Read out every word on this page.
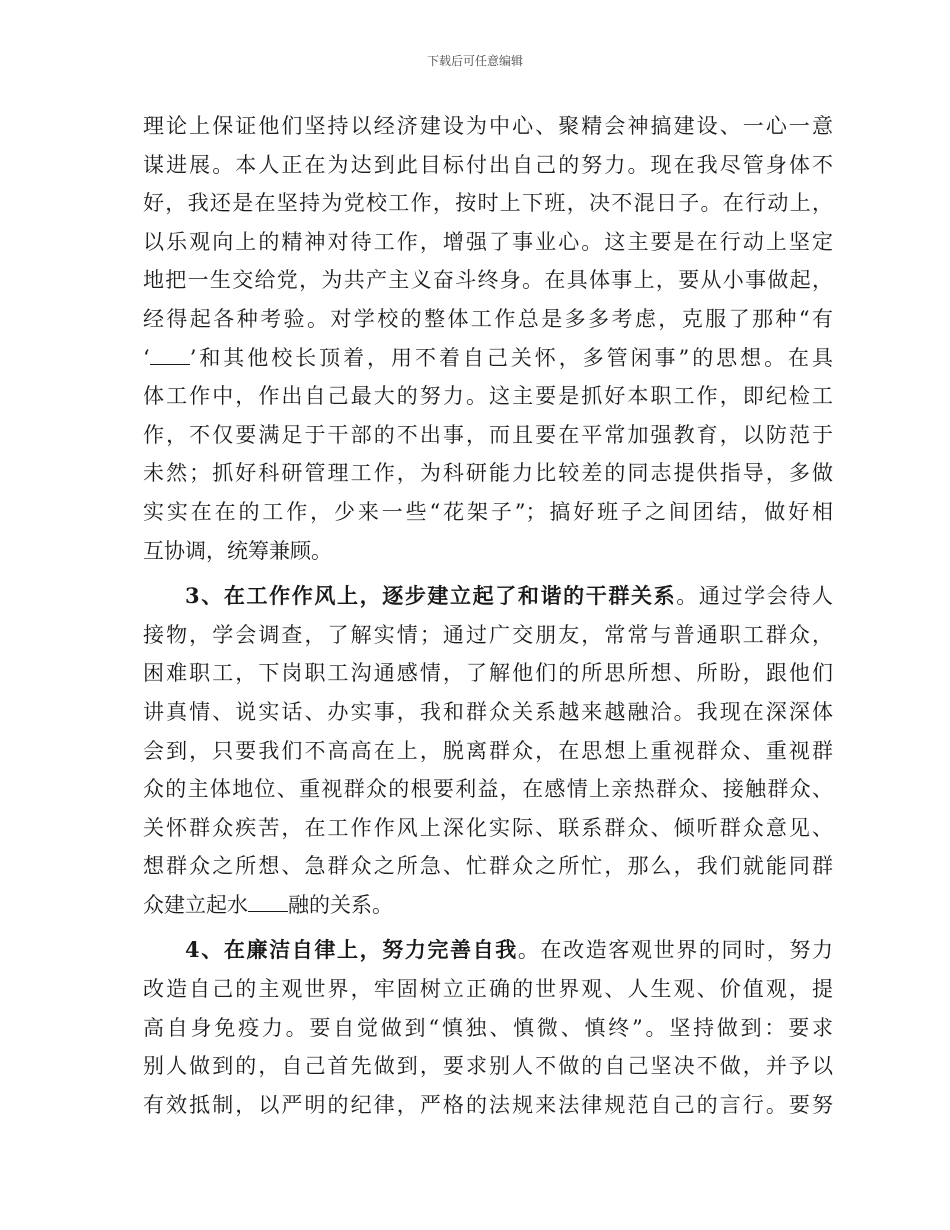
下载后可任意编辑
理论上保证他们坚持以经济建设为中心、聚精会神搞建设、一心一意
谋进展。本人正在为达到此目标付出自己的努力。现在我尽管身体不
好，我还是在坚持为党校工作，按时上下班，决不混日子。在行动上，
以乐观向上的精神对待工作，增强了事业心。这主要是在行动上坚定
地把一生交给党，为共产主义奋斗终身。在具体事上，要从小事做起，
经得起各种考验。对学校的整体工作总是多多考虑，克服了那种“有
‘ ’和其他校长顶着，用不着自己关怀，多管闲事”的思想。在具
体工作中，作出自己最大的努力。这主要是抓好本职工作，即纪检工
作，不仅要满足于干部的不出事，而且要在平常加强教育，以防范于
未然；抓好科研管理工作，为科研能力比较差的同志提供指导，多做
实实在在的工作，少来一些“花架子”；搞好班子之间团结，做好相
互协调，统筹兼顾。
3、在工作作风上，逐步建立起了和谐的干群关系。通过学会待人
接物，学会调查，了解实情；通过广交朋友，常常与普通职工群众，
困难职工，下岗职工沟通感情，了解他们的所思所想、所盼，跟他们
讲真情、说实话、办实事，我和群众关系越来越融洽。我现在深深体
会到，只要我们不高高在上，脱离群众，在思想上重视群众、重视群
众的主体地位、重视群众的根要利益，在感情上亲热群众、接触群众、
关怀群众疾苦，在工作作风上深化实际、联系群众、倾听群众意见、
想群众之所想、急群众之所急、忙群众之所忙，那么，我们就能同群
众建立起水 融的关系。
4、在廉洁自律上，努力完善自我。在改造客观世界的同时，努力
改造自己的主观世界，牢固树立正确的世界观、人生观、价值观，提
高自身免疫力。要自觉做到“慎独、慎微、慎终”。坚持做到：要求
别人做到的，自己首先做到，要求别人不做的自己坚决不做，并予以
有效抵制，以严明的纪律，严格的法规来法律规范自己的言行。要努
